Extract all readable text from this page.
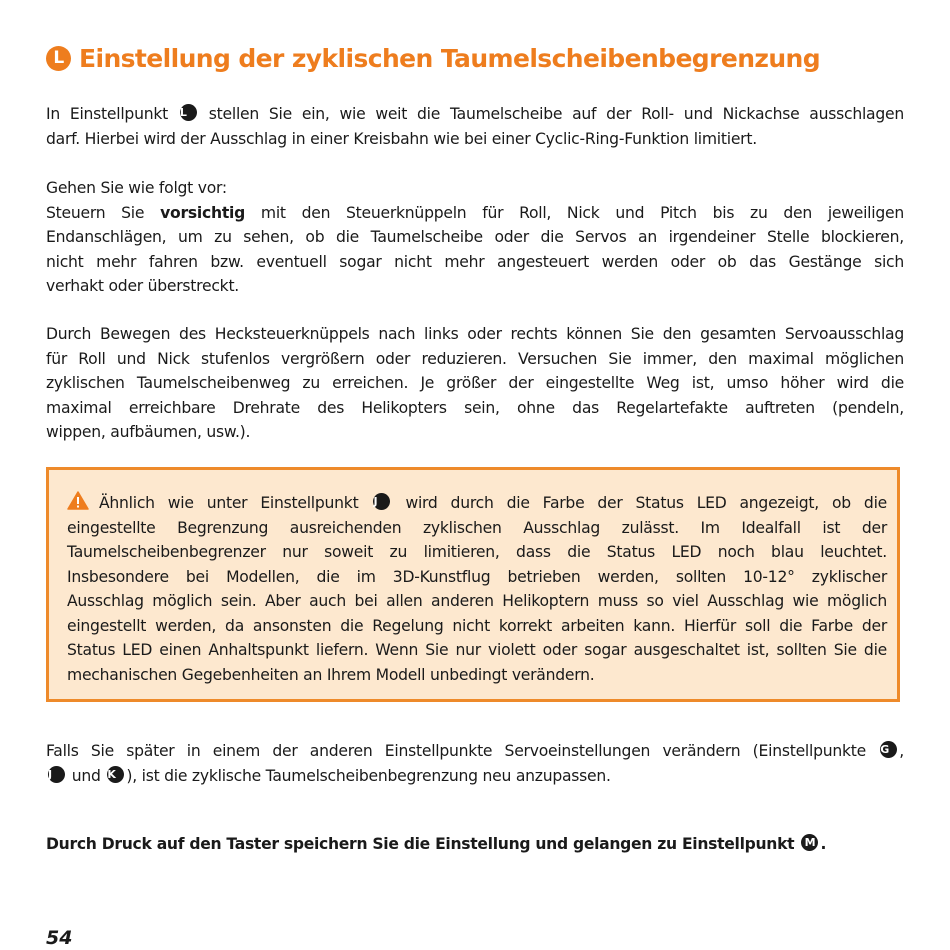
L Einstellung der zyklischen Taumelscheibenbegrenzung
In Einstellpunkt L stellen Sie ein, wie weit die Taumelscheibe auf der Roll- und Nickachse ausschlagen
darf. Hierbei wird der Ausschlag in einer Kreisbahn wie bei einer Cyclic-Ring-Funktion limitiert.
Gehen Sie wie folgt vor:
Steuern Sie vorsichtig mit den Steuerknüppeln für Roll, Nick und Pitch bis zu den jeweiligen
Endanschlägen, um zu sehen, ob die Taumelscheibe oder die Servos an irgendeiner Stelle blockieren,
nicht mehr fahren bzw. eventuell sogar nicht mehr angesteuert werden oder ob das Gestänge sich
verhakt oder überstreckt.
Durch Bewegen des Hecksteuerknüppels nach links oder rechts können Sie den gesamten Servoausschlag
für Roll und Nick stufenlos vergrößern oder reduzieren. Versuchen Sie immer, den maximal möglichen
zyklischen Taumelscheibenweg zu erreichen. Je größer der eingestellte Weg ist, umso höher wird die
maximal erreichbare Drehrate des Helikopters sein, ohne das Regelartefakte auftreten (pendeln,
wippen, aufbäumen, usw.).
Ähnlich wie unter Einstellpunkt J wird durch die Farbe der Status LED angezeigt, ob die
eingestellte Begrenzung ausreichenden zyklischen Ausschlag zulässt. Im Idealfall ist der
Taumelscheibenbegrenzer nur soweit zu limitieren, dass die Status LED noch blau leuchtet.
Insbesondere bei Modellen, die im 3D-Kunstflug betrieben werden, sollten 10-12° zyklischer
Ausschlag möglich sein. Aber auch bei allen anderen Helikoptern muss so viel Ausschlag wie möglich
eingestellt werden, da ansonsten die Regelung nicht korrekt arbeiten kann. Hierfür soll die Farbe der
Status LED einen Anhaltspunkt liefern. Wenn Sie nur violett oder sogar ausgeschaltet ist, sollten Sie die
mechanischen Gegebenheiten an Ihrem Modell unbedingt verändern.
Falls Sie später in einem der anderen Einstellpunkte Servoeinstellungen verändern (Einstellpunkte G ,
J und K ), ist die zyklische Taumelscheibenbegrenzung neu anzupassen.
Durch Druck auf den Taster speichern Sie die Einstellung und gelangen zu Einstellpunkt M .
54
